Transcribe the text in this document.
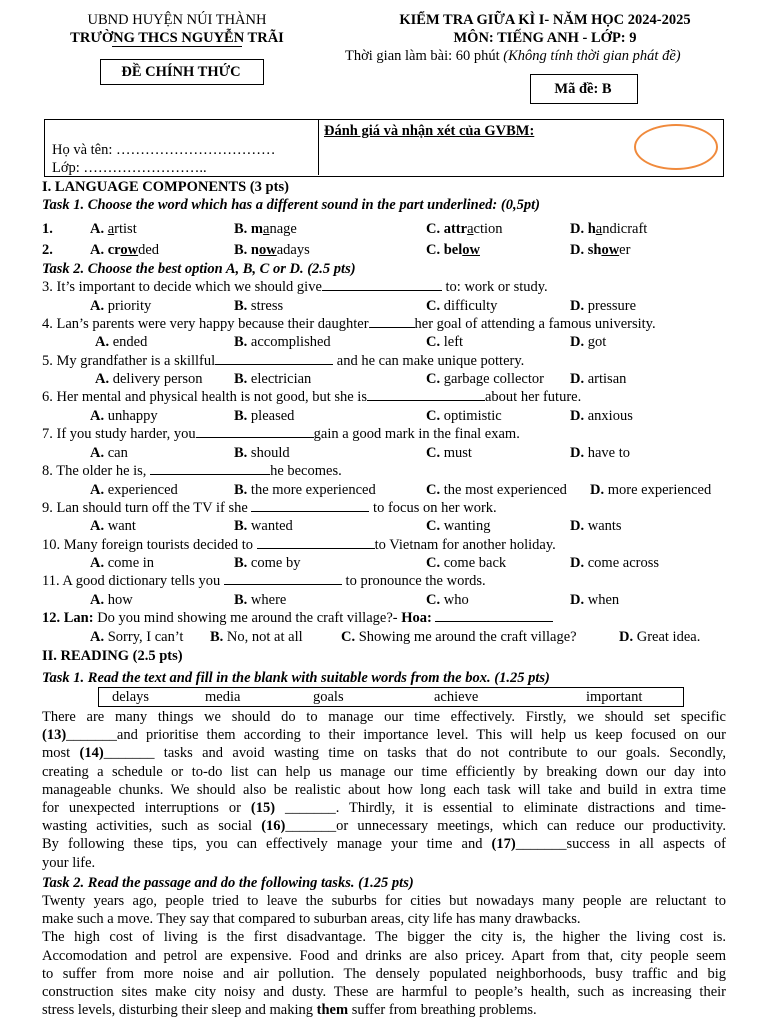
UBND HUYỆN NÚI THÀNH
TRƯỜNG THCS NGUYỄN TRÃI
ĐỀ CHÍNH THỨC
KIỂM TRA GIỮA KÌ I- NĂM HỌC 2024-2025
MÔN: TIẾNG ANH - LỚP: 9
Thời gian làm bài: 60 phút (Không tính thời gian phát đề)
Mã đề: B
Họ và tên: ……………………………
Lớp: ……………………..
Đánh giá và nhận xét của GVBM:
I. LANGUAGE COMPONENTS (3 pts)
Task 1. Choose the word which has a different sound in the part underlined: (0,5pt)
1.	A. artist	B. manage	C. attraction	D. handicraft
2.	A. crowded	B. nowadays	C. below	D. shower
Task 2. Choose the best option A, B, C or D. (2.5 pts)
3. It’s important to decide which we should give	to: work or study.
A. priority	B. stress	C. difficulty	D. pressure
4. Lan’s parents were very happy because their daughter	her goal of attending a famous university.
A. ended	B. accomplished	C. left	D. got
5. My grandfather is a skillful	and he can make unique pottery.
A. delivery person B. electrician	C. garbage collector D. artisan
6. Her mental and physical health is not good, but she is	about her future.
A. unhappy	B. pleased	C. optimistic	D. anxious
7. If you study harder, you	gain a good mark in the final exam.
A. can	B. should	C. must	D. have to
8. The older he is,	he becomes.
A. experienced	B. the more experienced	C. the most experienced D. more experienced
9. Lan should turn off the TV if she	to focus on her work.
A. want	B. wanted	C. wanting	D. wants
10. Many foreign tourists decided to	to Vietnam for another holiday.
A. come in	B. come by	C. come back	D. come across
11. A good dictionary tells you	to pronounce the words.
A. how	B. where	C. who	D. when
12. Lan: Do you mind showing me around the craft village?- Hoa:
A. Sorry, I can’t B. No, not at all	C. Showing me around the craft village?	D. Great idea.
II. READING (2.5 pts)
Task 1. Read the text and fill in the blank with suitable words from the box. (1.25 pts)
delays	media	goals	achieve	important
There are many things we should do to manage our time effectively. Firstly, we should set specific
(13)_______and prioritise them according to their importance level. This will help us keep focused on our
most (14)_______ tasks and avoid wasting time on tasks that do not contribute to our goals. Secondly,
creating a schedule or to-do list can help us manage our time efficiently by breaking down our day into
manageable chunks. We should also be realistic about how long each task will take and build in extra time
for unexpected interruptions or (15) _______. Thirdly, it is essential to eliminate distractions and time-
wasting activities, such as social (16)_______or unnecessary meetings, which can reduce our productivity.
By following these tips, you can effectively manage your time and (17)_______success in all aspects of
your life.
Task 2. Read the passage and do the following tasks. (1.25 pts)
Twenty years ago, people tried to leave the suburbs for cities but nowadays many people are reluctant to
make such a move. They say that compared to suburban areas, city life has many drawbacks.
The high cost of living is the first disadvantage. The bigger the city is, the higher the living cost is.
Accomodation and petrol are expensive. Food and drinks are also pricey. Apart from that, city people seem
to suffer from more noise and air pollution. The densely populated neighborhoods, busy traffic and big
construction sites make city noisy and dusty. These are harmful to people’s health, such as increasing their
stress levels, disturbing their sleep and making them suffer from breathing problems.
